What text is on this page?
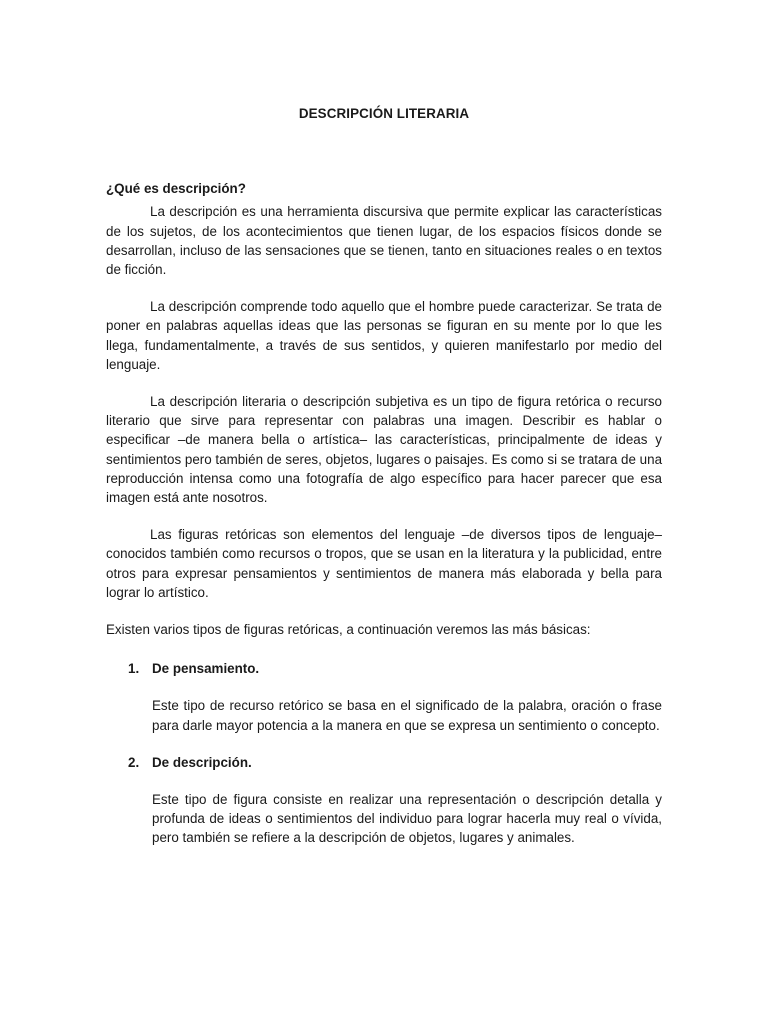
DESCRIPCIÓN LITERARIA
¿Qué es descripción?

La descripción es una herramienta discursiva que permite explicar las características de los sujetos, de los acontecimientos que tienen lugar, de los espacios físicos donde se desarrollan, incluso de las sensaciones que se tienen, tanto en situaciones reales o en textos de ficción.

La descripción comprende todo aquello que el hombre puede caracterizar. Se trata de poner en palabras aquellas ideas que las personas se figuran en su mente por lo que les llega, fundamentalmente, a través de sus sentidos, y quieren manifestarlo por medio del lenguaje.

La descripción literaria o descripción subjetiva es un tipo de figura retórica o recurso literario que sirve para representar con palabras una imagen. Describir es hablar o especificar –de manera bella o artística– las características, principalmente de ideas y sentimientos pero también de seres, objetos, lugares o paisajes. Es como si se tratara de una reproducción intensa como una fotografía de algo específico para hacer parecer que esa imagen está ante nosotros.

Las figuras retóricas son elementos del lenguaje –de diversos tipos de lenguaje– conocidos también como recursos o tropos, que se usan en la literatura y la publicidad, entre otros para expresar pensamientos y sentimientos de manera más elaborada y bella para lograr lo artístico.

Existen varios tipos de figuras retóricas, a continuación veremos las más básicas:

1. De pensamiento.

Este tipo de recurso retórico se basa en el significado de la palabra, oración o frase para darle mayor potencia a la manera en que se expresa un sentimiento o concepto.

2. De descripción.

Este tipo de figura consiste en realizar una representación o descripción detalla y profunda de ideas o sentimientos del individuo para lograr hacerla muy real o vívida, pero también se refiere a la descripción de objetos, lugares y animales.
